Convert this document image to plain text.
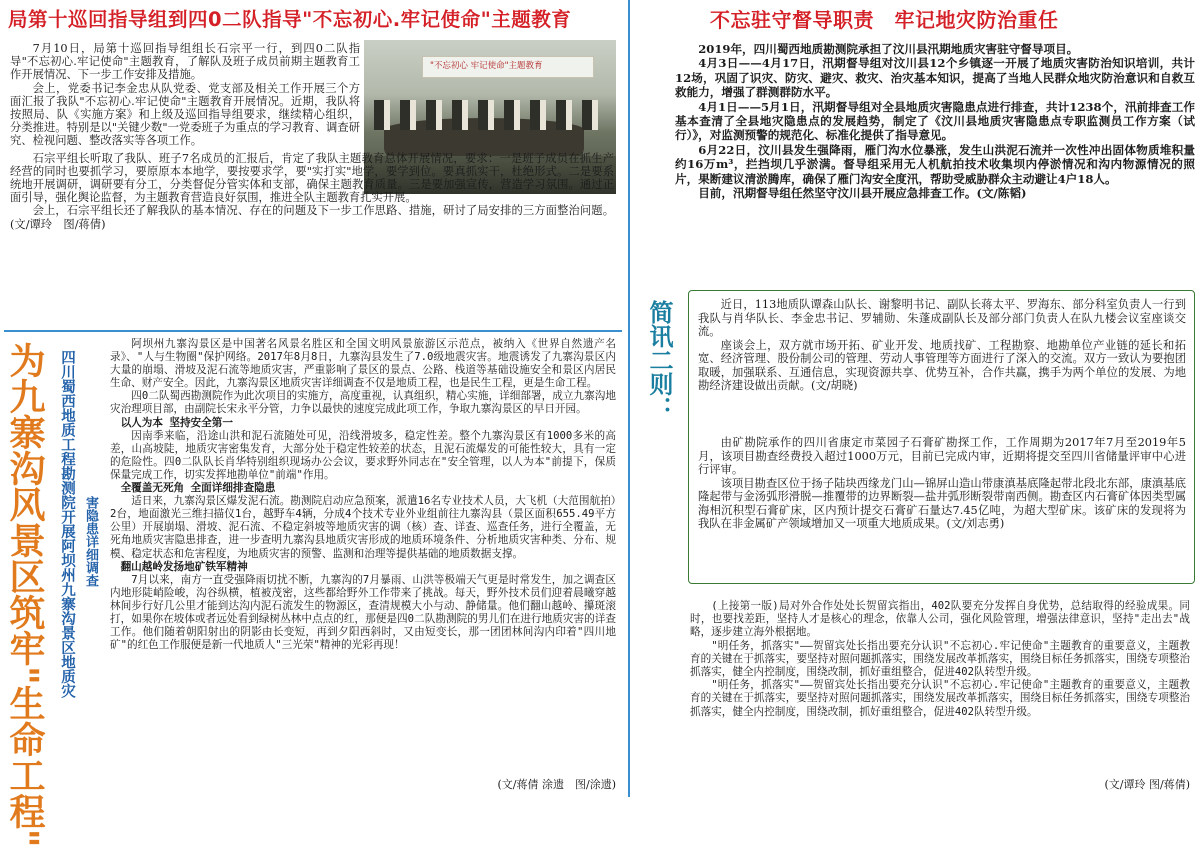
局第十巡回指导组到四0二队指导"不忘初心.牢记使命"主题教育
"不忘初心 牢记使命"主题教育

7月10日，局第十巡回指导组组长石宗平一行，到四0二队指导"不忘初心.牢记使命"主题教育，了解队及班子成员前期主题教育工作开展情况、下一步工作安排及措施。

会上，党委书记李金忠从队党委、党支部及相关工作开展三个方面汇报了我队"不忘初心.牢记使命"主题教育开展情况。近期，我队将按照局、队《实施方案》和上级及巡回指导组要求，继续精心组织，分类推进。特别是以"关键少数"一党委班子为重点的学习教育、调查研究、检视问题、整改落实等各项工作。

石宗平组长听取了我队、班子7名成员的汇报后，肯定了我队主题教育总体开展情况，要求：一是班子成员在抓生产经营的同时也要抓学习，要原原本本地学，要按要求学，要"实打实"地学，要学到位。要真抓实干，杜绝形式。二是要系统地开展调研，调研要有分工，分类督促分管实体和支部，确保主题教育质量。三是要加强宣传，营造学习氛围。通过正面引导，强化舆论监督，为主题教育营造良好氛围，推进全队主题教育扎实开展。

会上，石宗平组长还了解我队的基本情况、存在的问题及下一步工作思路、措施，研讨了局安排的三方面整治问题。(文/谭玲　图/蒋倩)

为九寨沟风景区筑牢"生命工程" 四川蜀西地质工程勘测院开展阿坝州九寨沟景区地质灾 害隐患详细调查

阿坝州九寨沟景区是中国著名风景名胜区和全国文明风景旅游区示范点，被纳入《世界自然遗产名录》、"人与生物圈"保护网络。2017年8月8日，九寨沟县发生了7.0级地震灾害。地震诱发了九寨沟景区内大量的崩塌、滑坡及泥石流等地质灾害，严重影响了景区的景点、公路、栈道等基础设施安全和景区内居民生命、财产安全。因此，九寨沟景区地质灾害详细调查不仅是地质工程，也是民生工程，更是生命工程。

四0二队蜀西勘测院作为此次项目的实施方，高度重视，认真组织，精心实施，详细部署，成立九寨沟地灾治理项目部，由副院长宋永平分管，力争以最快的速度完成此项工作，争取九寨沟景区的早日开园。

以人为本 坚持安全第一

因南季来临，沿途山洪和泥石流随处可见，沿线滑坡多，稳定性差。整个九寨沟景区有1000多米的高差，山高坡陡，地质灾害密集发育，大部分处于稳定性较差的状态，且泥石流爆发的可能性较大，具有一定的危险性。四0二队队长肖华特别组织现场办公会议，要求野外同志在"安全管理，以人为本"前提下，保质保量完成工作，切实发挥地勘单位"前端"作用。

全覆盖无死角 全面详细排查隐患

适日来，九寨沟景区爆发泥石流。勘测院启动应急预案，派遣16名专业技术人员，大飞机（大范围航拍）2台，地面激光三维扫描仪1台，越野车4辆，分成4个技术专业外业组前往九寨沟县（景区面积655.49平方公里）开展崩塌、滑坡、泥石流、不稳定斜坡等地质灾害的调（核）查、详查、巡查任务，进行全覆盖，无死角地质灾害隐患排查，进一步查明九寨沟县地质灾害形成的地质环境条件、分析地质灾害种类、分布、规模、稳定状态和危害程度，为地质灾害的预警、监测和治理等提供基础的地质数据支撑。

翻山越岭发扬地矿铁军精神

7月以来，南方一直受强降雨切扰不断，九寨沟的7月暴雨、山洪等极端天气更是时常发生，加之调查区内地形陡峭险峻，沟谷纵横，植被茂密，这些都给野外工作带来了挑战。每天，野外技术员们迎着晨曦穿越林间步行好几公里才能到达沟内泥石流发生的物源区，查清规模大小与动、静储量。他们翻山越岭、攥斑滚打，如果你在坡体或者远处看到绿树丛林中点点的红，那便是四0二队勘测院的男儿们在进行地质灾害的详查工作。他们随着朝阳射出的阴影由长变短，再到夕阳西斜时，又由短变长，那一团团林间沟内印着"四川地矿"的红色工作服便是新一代地质人"三光荣"精神的光彩再现！

(文/蒋倩 涂遗　图/涂遗)
不忘驻守督导职责　牢记地灾防治重任

2019年，四川蜀西地质勘测院承担了汶川县汛期地质灾害驻守督导项目。

4月3日——4月17日，汛期督导组对汶川县12个乡镇逐一开展了地质灾害防治知识培训，共计12场，巩固了识灾、防灾、避灾、救灾、治灾基本知识，提高了当地人民群众地灾防治意识和自救互救能力，增强了群测群防水平。

4月1日——5月1日，汛期督导组对全县地质灾害隐患点进行排查，共计1238个，汛前排查工作基本查清了全县地灾隐患点的发展趋势，制定了《汶川县地质灾害隐患点专职监测员工作方案（试行）》，对监测预警的规范化、标准化提供了指导意见。

6月22日，汶川县发生强降雨，雁门沟水位暴涨，发生山洪泥石流并一次性冲出固体物质堆积量约16万m³，拦挡坝几乎淤满。督导组采用无人机航拍技术收集坝内停淤情况和沟内物源情况的照片，果断建议清淤腾库，确保了雁门沟安全度汛，帮助受威胁群众主动避让4户18人。

目前，汛期督导组任然坚守汶川县开展应急排查工作。(文/陈韬)

简讯二则：	近日，113地质队谭森山队长、谢黎明书记、副队长蒋太平、罗海东、部分科室负责人一行到我队与肖华队长、李金忠书记、罗辅勋、朱蓬成副队长及部分部门负责人在队九楼会议室座谈交流。

座谈会上，双方就市场开拓、矿业开发、地质找矿、工程勘察、地勘单位产业链的延长和拓宽、经济管理、股份制公司的管理、劳动人事管理等方面进行了深入的交流。双方一致认为要抱团取暖，加强联系、互通信息，实现资源共享、优势互补，合作共赢，携手为两个单位的发展、为地勘经济建设做出贡献。(文/胡晓)

由矿勘院承作的四川省康定市菜园子石膏矿勘探工作，工作周期为2017年7月至2019年5月，该项目勘查经费投入超过1000万元，目前已完成内审，近期将提交至四川省储量评审中心进行评审。

该项目勘查区位于扬子陆块西缘龙门山—锦屏山造山带康滇基底隆起带北段北东部，康滇基底隆起带与金汤弧形滑脱—推覆带的边界断裂—盐井弧形断裂带南西侧。勘查区内石膏矿体因类型属海相沉积型石膏矿床，区内预计提交石膏矿石量达7.45亿吨，为超大型矿床。该矿床的发现将为我队在非金属矿产领域增加又一项重大地质成果。(文/刘志勇)

(上接第一版)局对外合作处处长贺留宾指出，402队要充分发挥自身优势，总结取得的经验成果。同时，也要找差距，坚持人才是核心的理念，依靠人公司，强化风险管理，增强法律意识，坚持"走出去"战略，逐步建立海外根据地。

"明任务，抓落实"——贺留宾处长指出要充分认识"不忘初心.牢记使命"主题教育的重要意义，主题教育的关键在于抓落实，要坚持对照问题抓落实，围绕发展改革抓落实，围绕目标任务抓落实，围绕专项整治抓落实，健全内控制度，围绕改制，抓好重组整合，促进402队转型升级。

"明任务，抓落实"——贺留宾处长指出要充分认识"不忘初心.牢记使命"主题教育的重要意义，主题教育的关键在于抓落实，要坚持对照问题抓落实，围绕发展改革抓落实，围绕目标任务抓落实，围绕专项整治抓落实，健全内控制度，围绕改制，抓好重组整合，促进402队转型升级。

(文/谭玲 图/蒋倩)
